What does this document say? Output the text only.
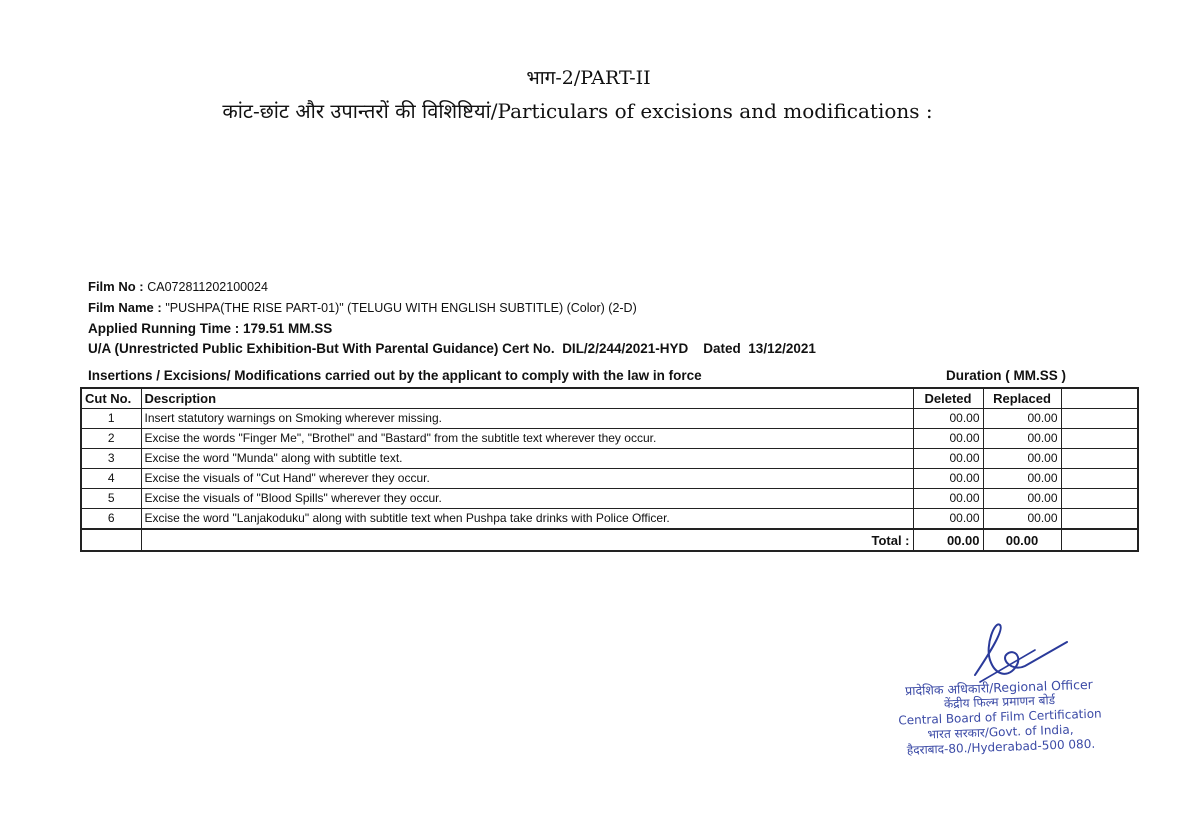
भाग-2/PART-II
कांट-छांट और उपान्तरों की विशिष्टियां/Particulars of excisions and modifications :
Film No : CA072811202100024
Film Name : "PUSHPA(THE RISE PART-01)" (TELUGU WITH ENGLISH SUBTITLE) (Color) (2-D)
Applied Running Time : 179.51 MM.SS
U/A (Unrestricted Public Exhibition-But With Parental Guidance) Cert No. DIL/2/244/2021-HYD Dated 13/12/2021
Insertions / Excisions/ Modifications carried out by the applicant to comply with the law in force	Duration ( MM.SS )
Cut No.	Description	Deleted	Replaced	
1	Insert statutory warnings on Smoking wherever missing.	00.00	00.00	
2	Excise the words "Finger Me", "Brothel" and "Bastard" from the subtitle text wherever they occur.	00.00	00.00	
3	Excise the word "Munda" along with subtitle text.	00.00	00.00	
4	Excise the visuals of "Cut Hand" wherever they occur.	00.00	00.00	
5	Excise the visuals of "Blood Spills" wherever they occur.	00.00	00.00	
6	Excise the word "Lanjakoduku" along with subtitle text when Pushpa take drinks with Police Officer.	00.00	00.00	
	Total :	00.00	00.00	
प्रादेशिक अधिकारी/Regional Officer
केंद्रीय फिल्म प्रमाणन बोर्ड
Central Board of Film Certification
भारत सरकार/Govt. of India,
हैदराबाद-80./Hyderabad-500 080.
